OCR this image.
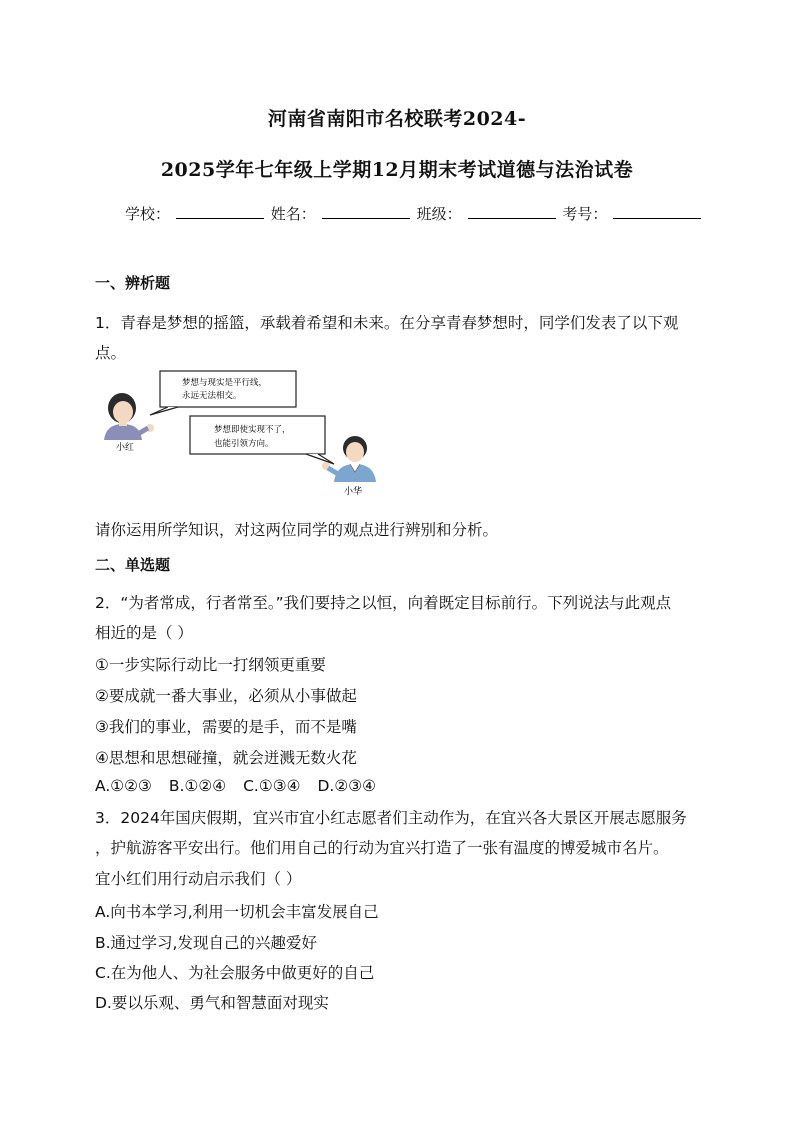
河南省南阳市名校联考2024-
2025学年七年级上学期12月期末考试道德与法治试卷
学校：	姓名：	班级：	考号：
一、辨析题
1．青春是梦想的摇篮，承载着希望和未来。在分享青春梦想时，同学们发表了以下观
点。
梦想与现实是平行线，
永远无法相交。
梦想即使实现不了，
也能引领方向。
小红
小华
请你运用所学知识，对这两位同学的观点进行辨别和分析。
二、单选题
2．“为者常成，行者常至。”我们要持之以恒，向着既定目标前行。下列说法与此观点
相近的是（ ）
①一步实际行动比一打纲领更重要
②要成就一番大事业，必须从小事做起
③我们的事业，需要的是手，而不是嘴
④思想和思想碰撞，就会迸溅无数火花
A.①②③ B.①②④ C.①③④ D.②③④
3．2024年国庆假期，宜兴市宜小红志愿者们主动作为，在宜兴各大景区开展志愿服务
，护航游客平安出行。他们用自己的行动为宜兴打造了一张有温度的博爱城市名片。
宜小红们用行动启示我们（ ）
A.向书本学习,利用一切机会丰富发展自己
B.通过学习,发现自己的兴趣爱好
C.在为他人、为社会服务中做更好的自己
D.要以乐观、勇气和智慧面对现实
